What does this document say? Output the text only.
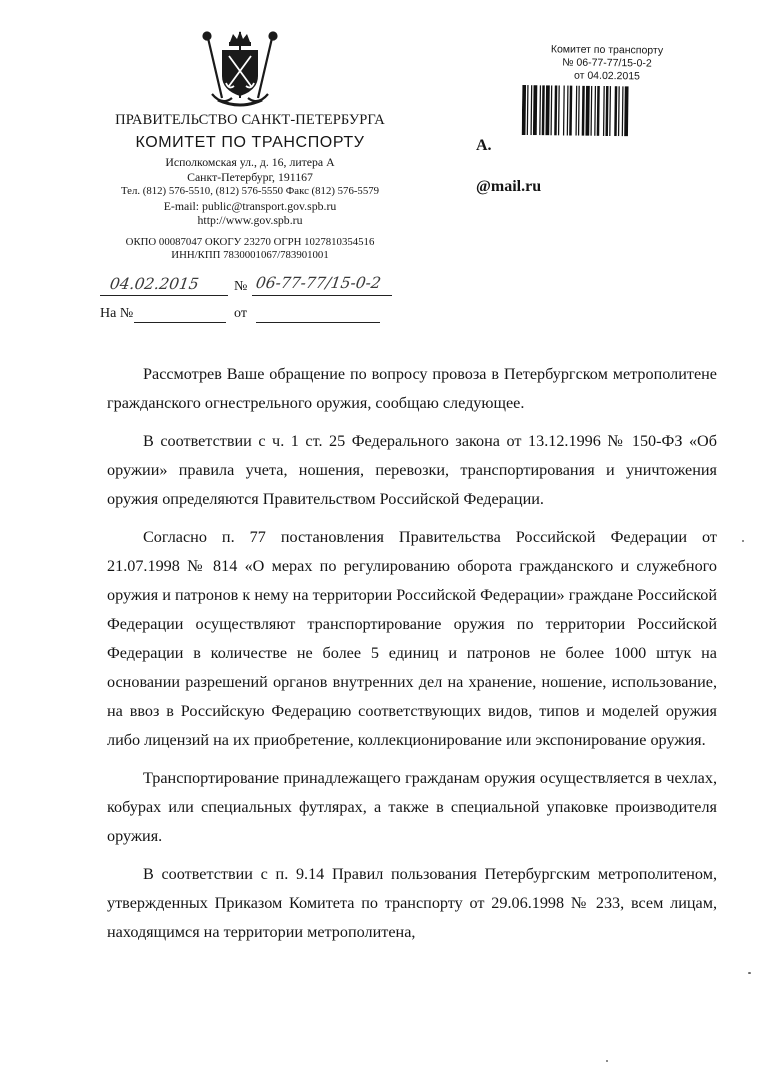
ПРАВИТЕЛЬСТВО САНКТ-ПЕТЕРБУРГА
КОМИТЕТ ПО ТРАНСПОРТУ
Исполкомская ул., д. 16, литера А
Санкт-Петербург, 191167
Тел. (812) 576-5510, (812) 576-5550 Факс (812) 576-5579
E-mail: public@transport.gov.spb.ru
http://www.gov.spb.ru
ОКПО 00087047 ОКОГУ 23270 ОГРН 1027810354516
ИНН/КПП 7830001067/783901001
04.02.2015 № 06-77-77/15-0-2
На №	от
Комитет по транспорту
№ 06-77-77/15-0-2
от 04.02.2015
А.
@mail.ru

Рассмотрев Ваше обращение по вопросу провоза в Петербургском метрополитене гражданского огнестрельного оружия, сообщаю следующее.

В соответствии с ч. 1 ст. 25 Федерального закона от 13.12.1996 № 150-ФЗ «Об оружии» правила учета, ношения, перевозки, транспортирования и уничтожения оружия определяются Правительством Российской Федерации.

Согласно п. 77 постановления Правительства Российской Федерации от 21.07.1998 № 814 «О мерах по регулированию оборота гражданского и служебного оружия и патронов к нему на территории Российской Федерации» граждане Российской Федерации осуществляют транспортирование оружия по территории Российской Федерации в количестве не более 5 единиц и патронов не более 1000 штук на основании разрешений органов внутренних дел на хранение, ношение, использование, на ввоз в Российскую Федерацию соответствующих видов, типов и моделей оружия либо лицензий на их приобретение, коллекционирование или экспонирование оружия.

Транспортирование принадлежащего гражданам оружия осуществляется в чехлах, кобурах или специальных футлярах, а также в специальной упаковке производителя оружия.

В соответствии с п. 9.14 Правил пользования Петербургским метрополитеном, утвержденных Приказом Комитета по транспорту от 29.06.1998 № 233, всем лицам, находящимся на территории метрополитена,
